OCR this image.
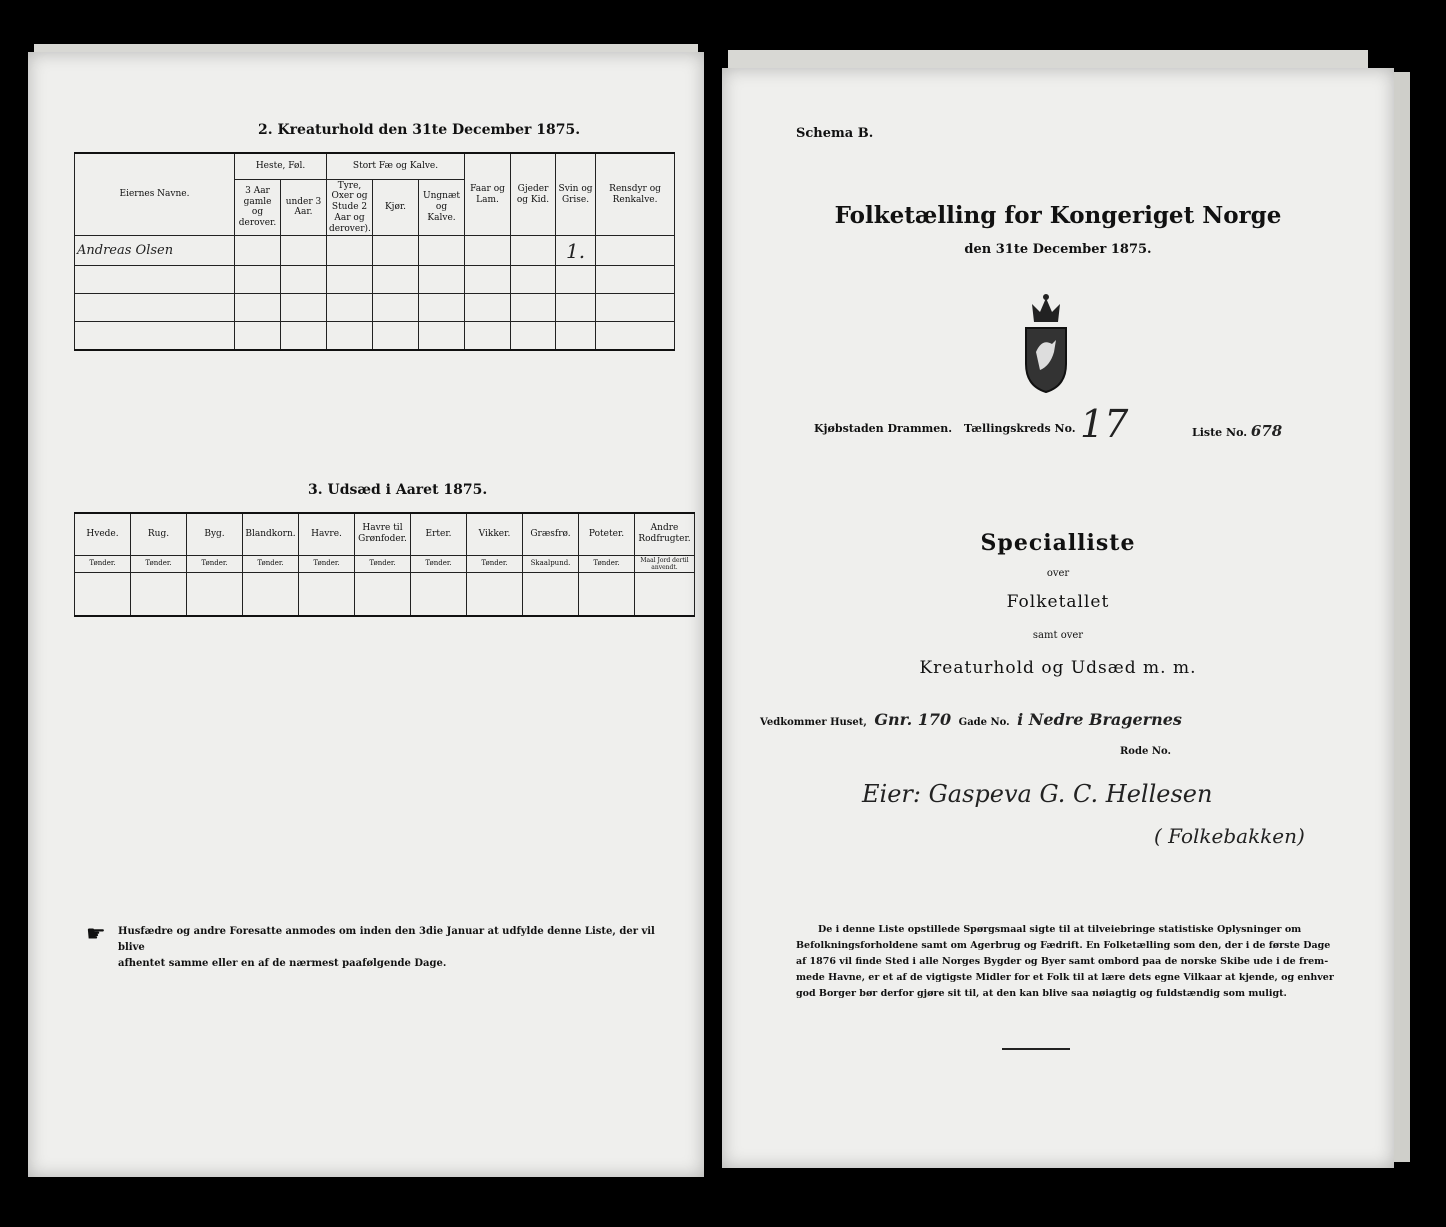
2. Kreaturhold den 31te December 1875.
Eiernes Navne.	Heste, Føl.		Stort Fæ og Kalve.			Faar og Lam.	Gjeder og Kid.	Svin og Grise.	Rensdyr og Renkalve.
	3 Aar gamle og derover.	under 3 Aar.	Tyre, Oxer og Stude 2 Aar og derover).	Kjør.	Ungnæt og Kalve.				
Andreas Olsen								1.	

3. Udsæd i Aaret 1875.
Hvede.	Rug.	Byg.	Blandkorn.	Havre.	Havre til Grønfoder.	Erter.	Vikker.	Græsfrø.	Poteter.	Andre Rodfrugter.
Tønder.	Tønder.	Tønder.	Tønder.	Tønder.	Tønder.	Tønder.	Tønder.	Skaalpund.	Tønder.	Maal Jord dertil anvendt.

☛ Husfædre og andre Foresatte anmodes om inden den 3die Januar at udfylde denne Liste, der vil blive
afhentet samme eller en af de nærmest paafølgende Dage.
Schema B.
Folketælling for Kongeriget Norge
den 31te December 1875.
Kjøbstaden Drammen. Tællingskreds No. 17	Liste No. 678
Specialliste
over
Folketallet
samt over
Kreaturhold og Udsæd m. m.
Vedkommer Huset, Gnr. 170 Gade No. i Nedre Bragernes
Rode No.
Eier: Gaspeva G. C. Hellesen
( Folkebakken)
De i denne Liste opstillede Spørgsmaal sigte til at tilveiebringe statistiske Oplysninger om
Befolkningsforholdene samt om Agerbrug og Fædrift. En Folketælling som den, der i de første Dage
af 1876 vil finde Sted i alle Norges Bygder og Byer samt ombord paa de norske Skibe ude i de frem-
mede Havne, er et af de vigtigste Midler for et Folk til at lære dets egne Vilkaar at kjende, og enhver
god Borger bør derfor gjøre sit til, at den kan blive saa nøiagtig og fuldstændig som muligt.
